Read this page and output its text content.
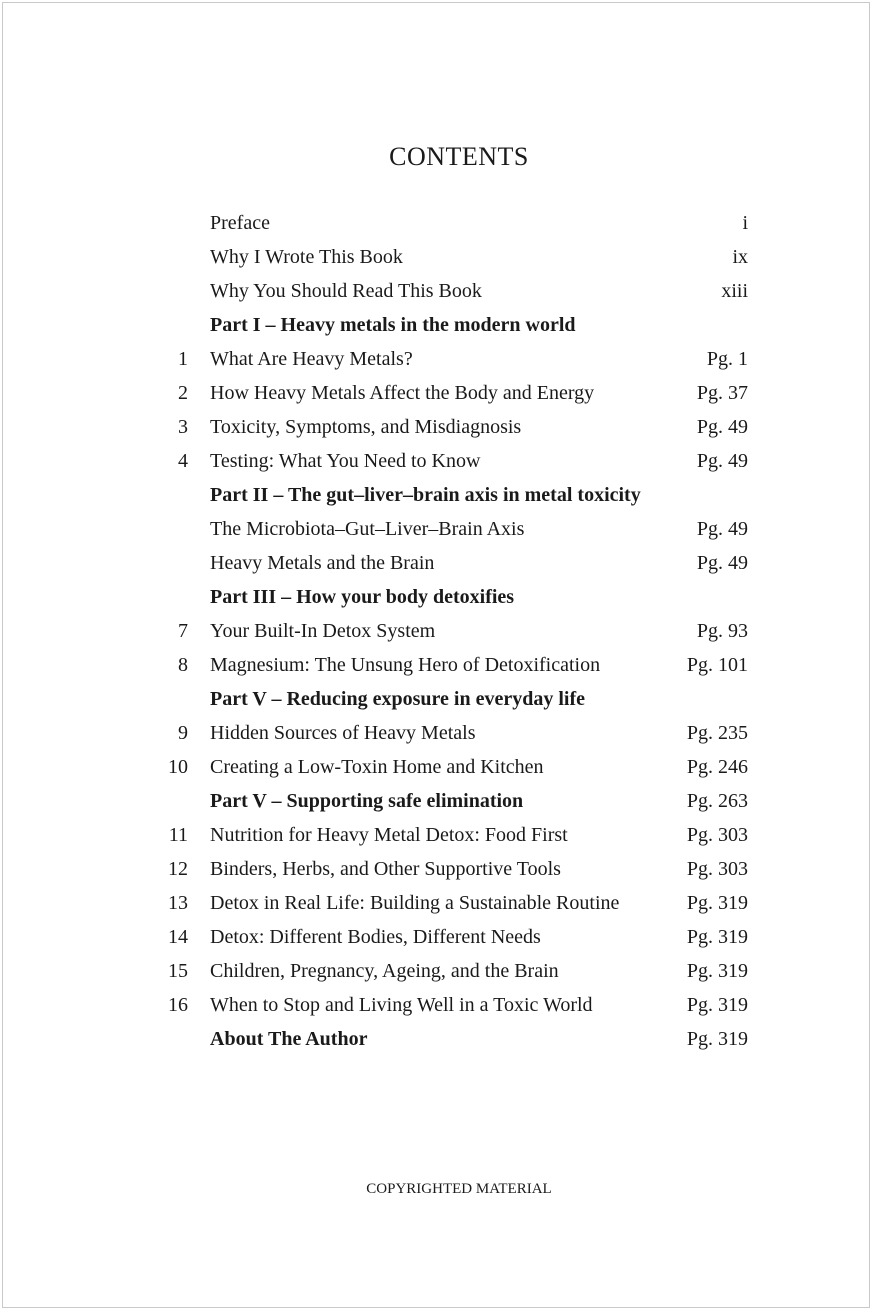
CONTENTS
Preface	i
Why I Wrote This Book	ix
Why You Should Read This Book	xiii
Part I – Heavy metals in the modern world
1 What Are Heavy Metals?	Pg. 1
2 How Heavy Metals Affect the Body and Energy	Pg. 37
3 Toxicity, Symptoms, and Misdiagnosis	Pg. 49
4 Testing: What You Need to Know	Pg. 49
Part II – The gut–liver–brain axis in metal toxicity
The Microbiota–Gut–Liver–Brain Axis	Pg. 49
Heavy Metals and the Brain	Pg. 49
Part III – How your body detoxifies
7 Your Built-In Detox System	Pg. 93
8 Magnesium: The Unsung Hero of Detoxification	Pg. 101
Part V – Reducing exposure in everyday life
9 Hidden Sources of Heavy Metals	Pg. 235
10 Creating a Low-Toxin Home and Kitchen	Pg. 246
Part V – Supporting safe elimination	Pg. 263
11 Nutrition for Heavy Metal Detox: Food First	Pg. 303
12 Binders, Herbs, and Other Supportive Tools	Pg. 303
13 Detox in Real Life: Building a Sustainable Routine	Pg. 319
14 Detox: Different Bodies, Different Needs	Pg. 319
15 Children, Pregnancy, Ageing, and the Brain	Pg. 319
16 When to Stop and Living Well in a Toxic World	Pg. 319
About The Author	Pg. 319
COPYRIGHTED MATERIAL
